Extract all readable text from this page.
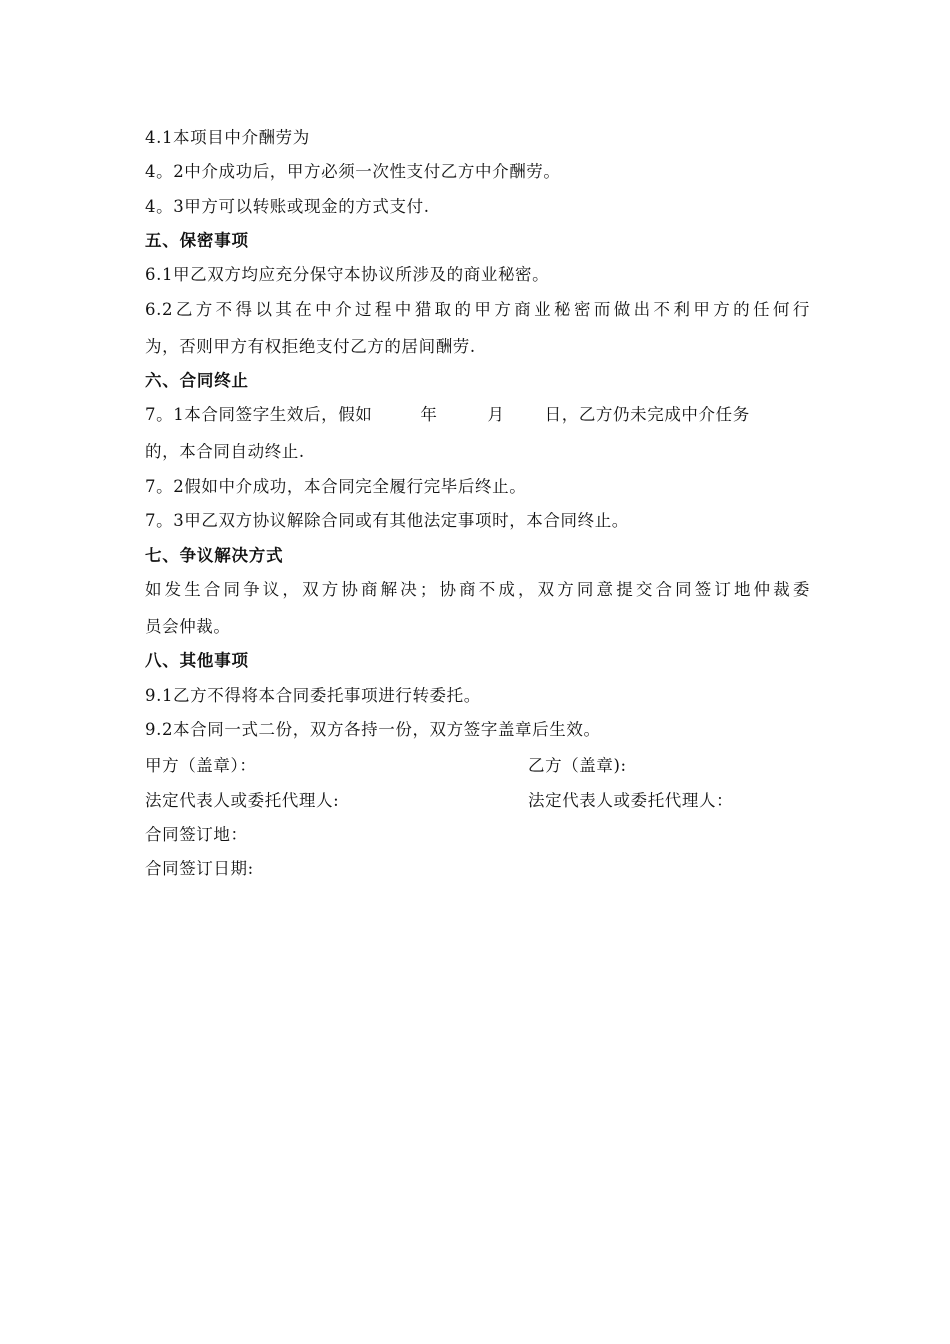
4.1本项目中介酬劳为
4。2中介成功后，甲方必须一次性支付乙方中介酬劳。
4。3甲方可以转账或现金的方式支付.
五、保密事项
6.1甲乙双方均应充分保守本协议所涉及的商业秘密。
6.2乙方不得以其在中介过程中猎取的甲方商业秘密而做出不利甲方的任何行
为，否则甲方有权拒绝支付乙方的居间酬劳.
六、合同终止
7。1本合同签字生效后，假如	年	月 日，乙方仍未完成中介任务
的，本合同自动终止.
7。2假如中介成功，本合同完全履行完毕后终止。
7。3甲乙双方协议解除合同或有其他法定事项时，本合同终止。
七、争议解决方式
如发生合同争议，双方协商解决；协商不成，双方同意提交合同签订地仲裁委
员会仲裁。
八、其他事项
9.1乙方不得将本合同委托事项进行转委托。
9.2本合同一式二份，双方各持一份，双方签字盖章后生效。
甲方（盖章）：	乙方（盖章):
法定代表人或委托代理人:	法定代表人或委托代理人：
合同签订地：
合同签订日期:
